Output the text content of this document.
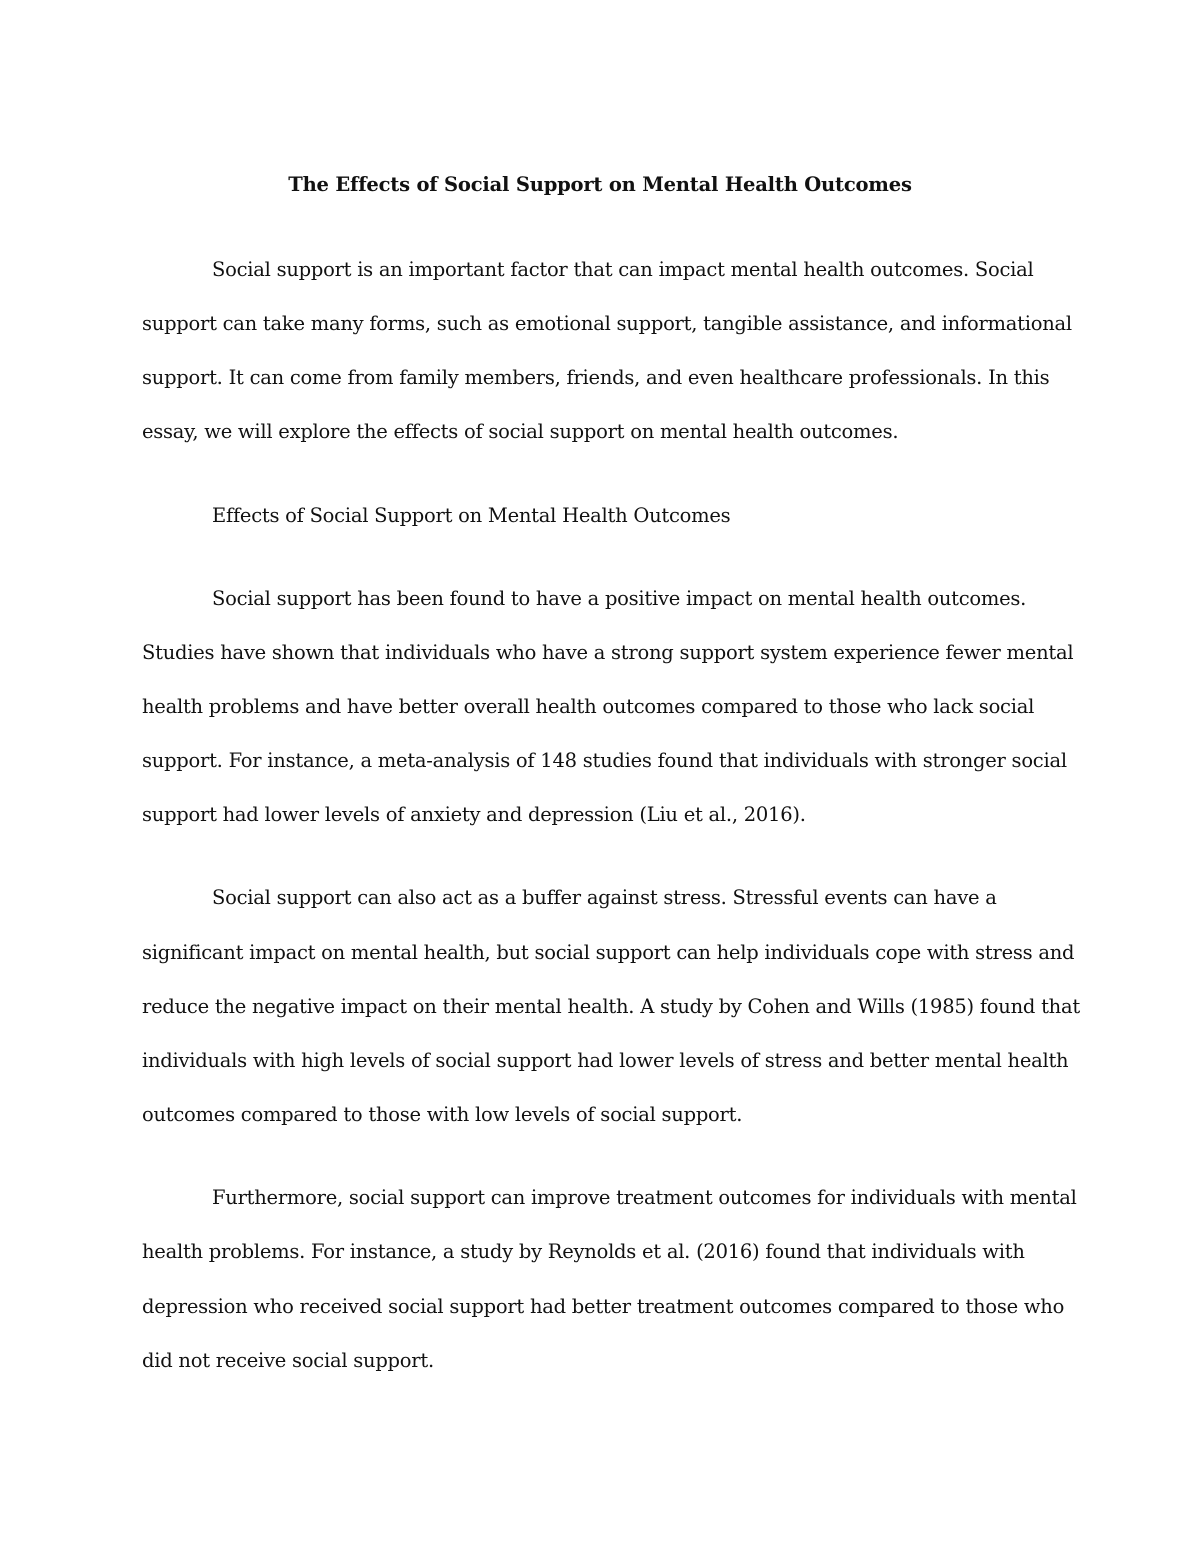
The Effects of Social Support on Mental Health Outcomes
Social support is an important factor that can impact mental health outcomes. Social
support can take many forms, such as emotional support, tangible assistance, and informational
support. It can come from family members, friends, and even healthcare professionals. In this
essay, we will explore the effects of social support on mental health outcomes.
Effects of Social Support on Mental Health Outcomes
Social support has been found to have a positive impact on mental health outcomes.
Studies have shown that individuals who have a strong support system experience fewer mental
health problems and have better overall health outcomes compared to those who lack social
support. For instance, a meta-analysis of 148 studies found that individuals with stronger social
support had lower levels of anxiety and depression (Liu et al., 2016).
Social support can also act as a buffer against stress. Stressful events can have a
significant impact on mental health, but social support can help individuals cope with stress and
reduce the negative impact on their mental health. A study by Cohen and Wills (1985) found that
individuals with high levels of social support had lower levels of stress and better mental health
outcomes compared to those with low levels of social support.
Furthermore, social support can improve treatment outcomes for individuals with mental
health problems. For instance, a study by Reynolds et al. (2016) found that individuals with
depression who received social support had better treatment outcomes compared to those who
did not receive social support.
